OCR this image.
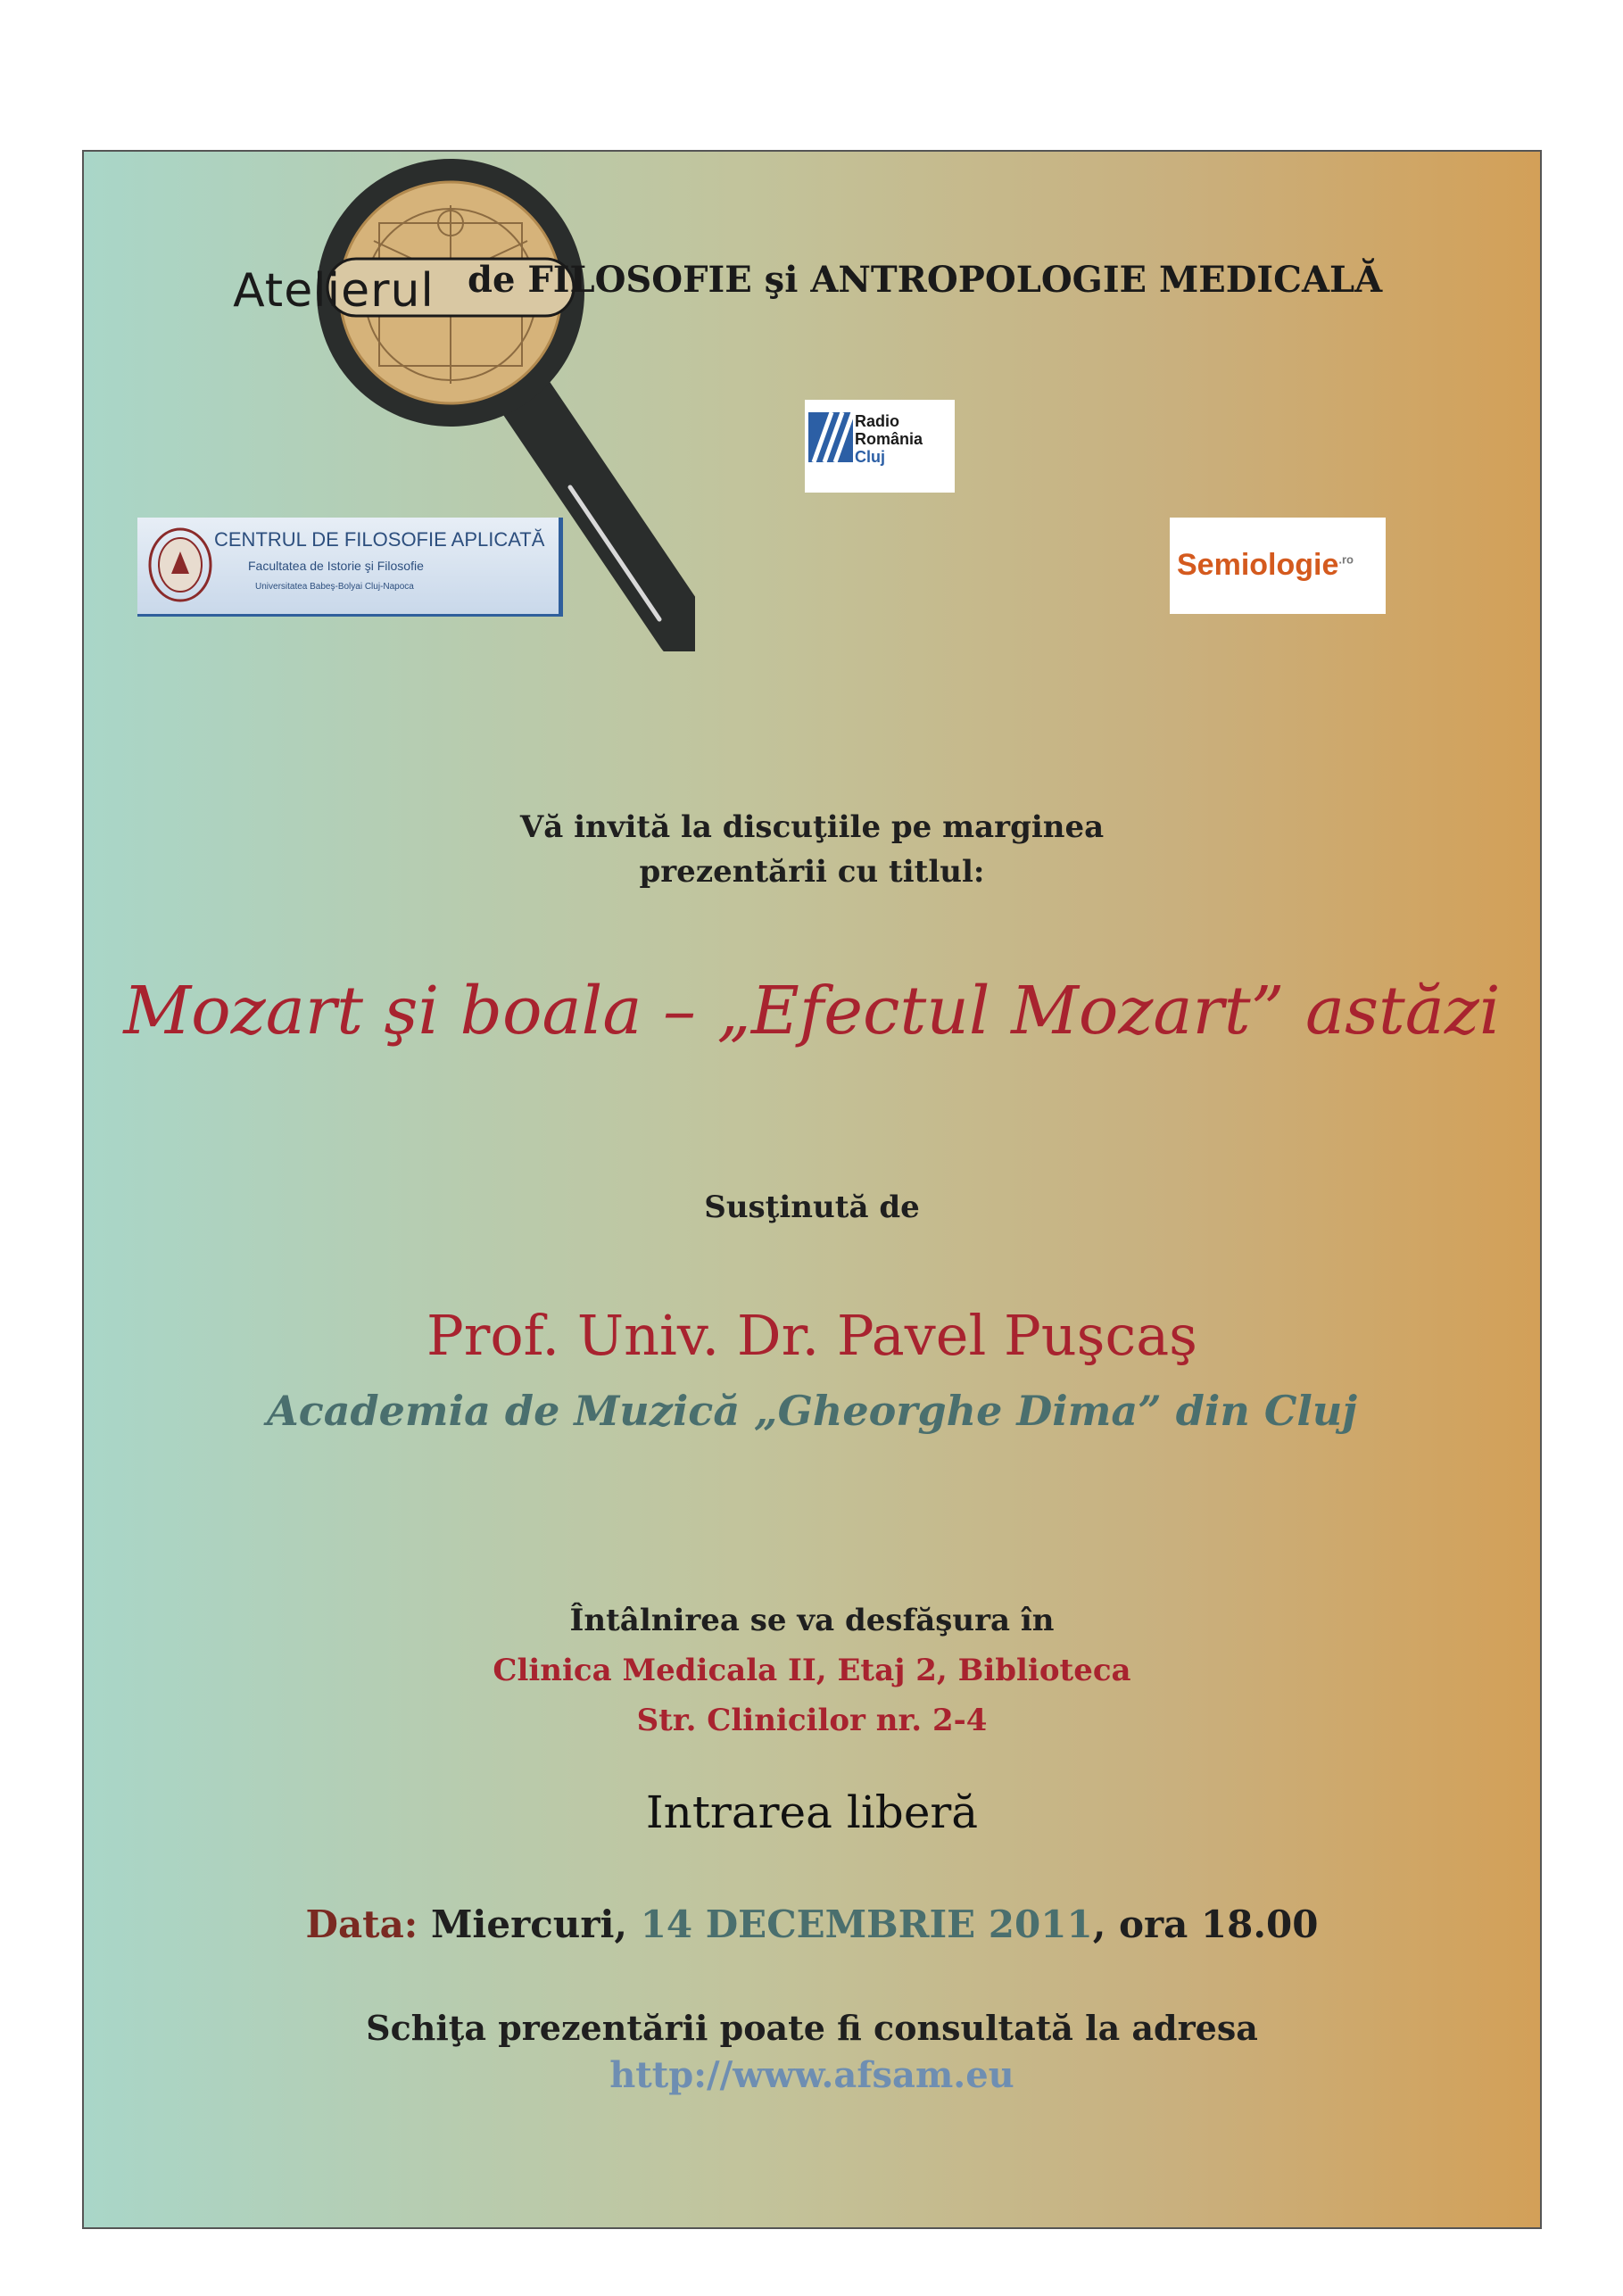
Atelierul de FILOSOFIE şi ANTROPOLOGIE MEDICALĂ
Radio
România
Cluj
CENTRUL DE FILOSOFIE APLICATĂ
Facultatea de Istorie şi Filosofie
Universitatea Babeş-Bolyai Cluj-Napoca
Semiologie$^{.ro}$
Vă invită la discuţiile pe marginea
prezentării cu titlul:
Mozart şi boala – „Efectul Mozart” astăzi
Susţinută de
Prof. Univ. Dr. Pavel Puşcaş
Academia de Muzică „Gheorghe Dima” din Cluj
Întâlnirea se va desfăşura în
Clinica Medicala II, Etaj 2, Biblioteca
Str. Clinicilor nr. 2-4
Intrarea liberă
Data: Miercuri, 14 DECEMBRIE 2011, ora 18.00
Schiţa prezentării poate fi consultată la adresa
http://www.afsam.eu
